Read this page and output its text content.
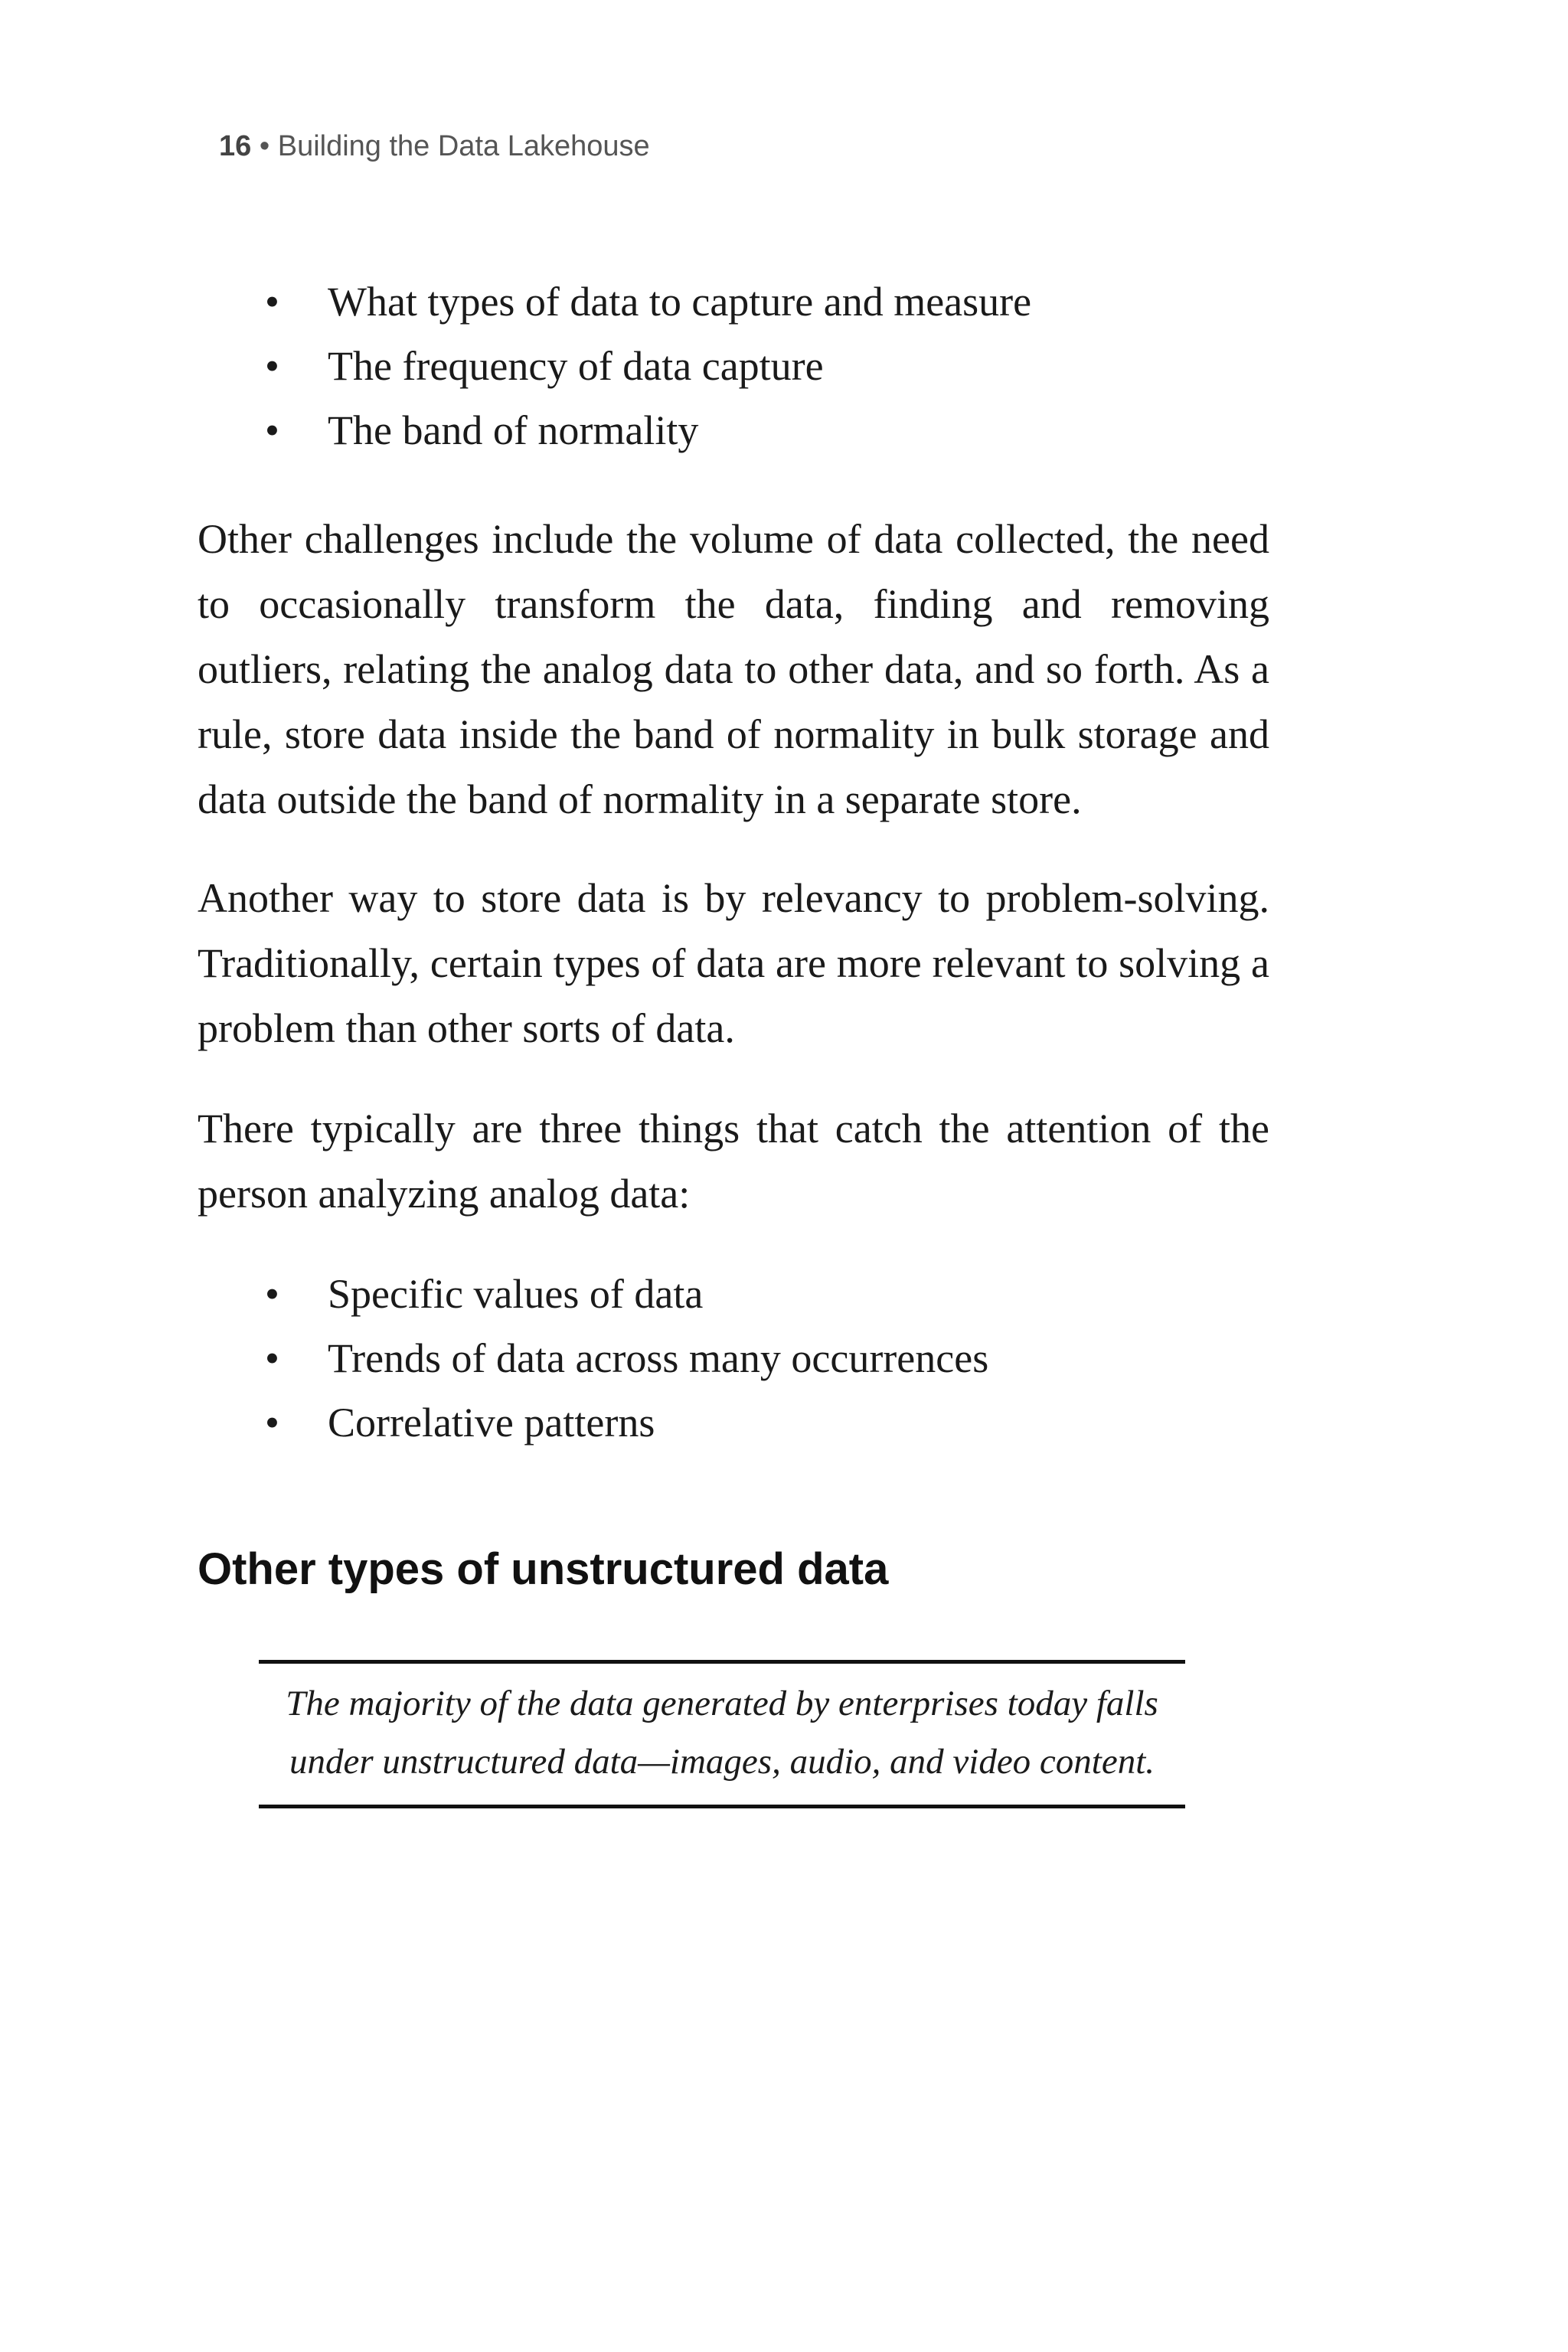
16 • Building the Data Lakehouse
• What types of data to capture and measure
• The frequency of data capture
• The band of normality

Other challenges include the volume of data collected, the need to occasionally transform the data, finding and removing outliers, relating the analog data to other data, and so forth. As a rule, store data inside the band of normality in bulk storage and data outside the band of normality in a separate store.

Another way to store data is by relevancy to problem-solving. Traditionally, certain types of data are more relevant to solving a problem than other sorts of data.

There typically are three things that catch the attention of the person analyzing analog data:

• Specific values of data
• Trends of data across many occurrences
• Correlative patterns
Other types of unstructured data
The majority of the data generated by enterprises today falls
under unstructured data—images, audio, and video content.
